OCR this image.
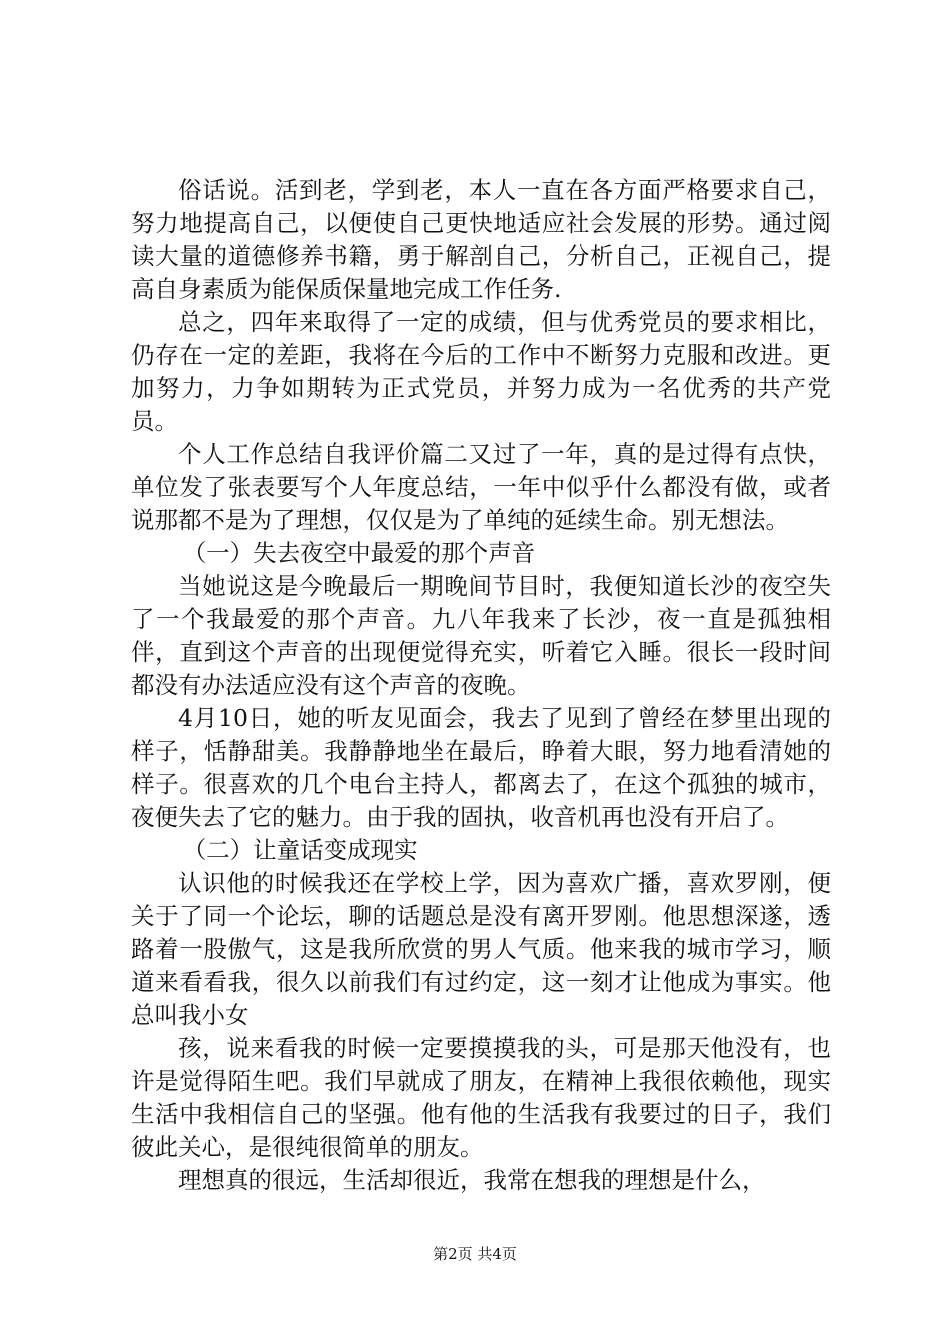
俗话说。活到老，学到老，本人一直在各方面严格要求自己，努力地提高自己，以便使自己更快地适应社会发展的形势。通过阅读大量的道德修养书籍，勇于解剖自己，分析自己，正视自己，提高自身素质为能保质保量地完成工作任务.

总之，四年来取得了一定的成绩，但与优秀党员的要求相比，仍存在一定的差距，我将在今后的工作中不断努力克服和改进。更加努力，力争如期转为正式党员，并努力成为一名优秀的共产党员。

个人工作总结自我评价篇二又过了一年，真的是过得有点快，单位发了张表要写个人年度总结，一年中似乎什么都没有做，或者说那都不是为了理想，仅仅是为了单纯的延续生命。别无想法。

（一）失去夜空中最爱的那个声音

当她说这是今晚最后一期晚间节目时，我便知道长沙的夜空失了一个我最爱的那个声音。九八年我来了长沙，夜一直是孤独相伴，直到这个声音的出现便觉得充实，听着它入睡。很长一段时间都没有办法适应没有这个声音的夜晚。

4月10日，她的听友见面会，我去了见到了曾经在梦里出现的样子，恬静甜美。我静静地坐在最后，睁着大眼，努力地看清她的样子。很喜欢的几个电台主持人，都离去了，在这个孤独的城市，夜便失去了它的魅力。由于我的固执，收音机再也没有开启了。

（二）让童话变成现实

认识他的时候我还在学校上学，因为喜欢广播，喜欢罗刚，便关于了同一个论坛，聊的话题总是没有离开罗刚。他思想深遂，透路着一股傲气，这是我所欣赏的男人气质。他来我的城市学习，顺道来看看我，很久以前我们有过约定，这一刻才让他成为事实。他总叫我小女

孩，说来看我的时候一定要摸摸我的头，可是那天他没有，也许是觉得陌生吧。我们早就成了朋友，在精神上我很依赖他，现实生活中我相信自己的坚强。他有他的生活我有我要过的日子，我们彼此关心，是很纯很简单的朋友。

理想真的很远，生活却很近，我常在想我的理想是什么，

第2页 共4页
